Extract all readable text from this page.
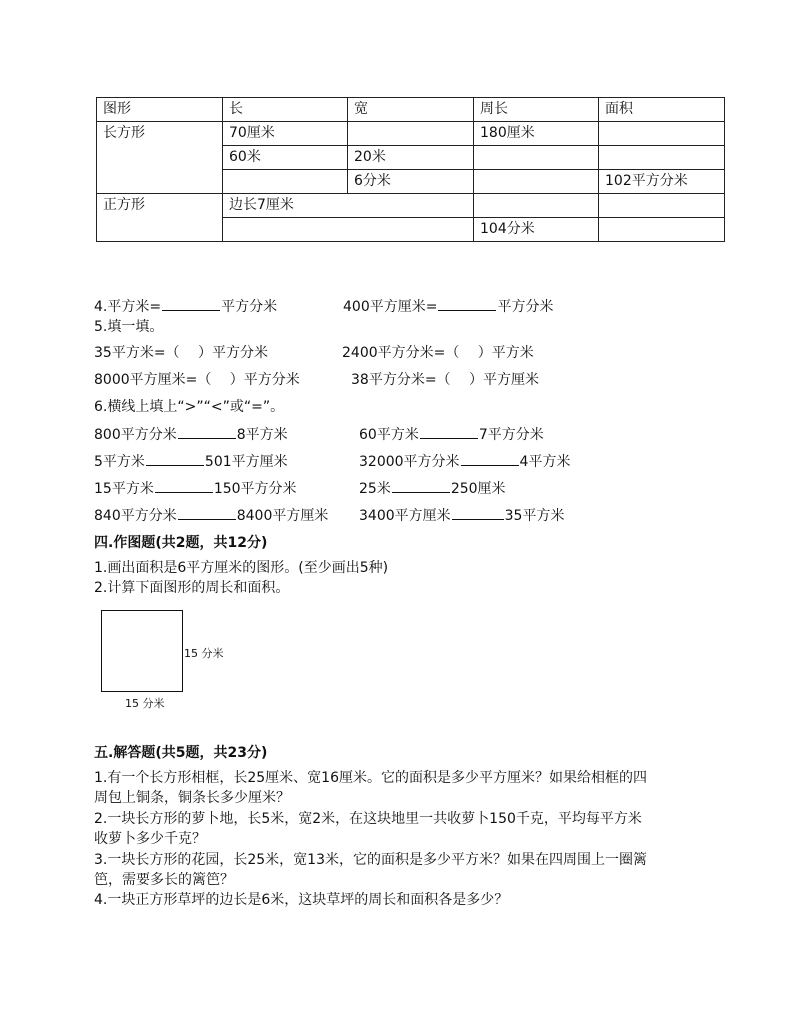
图形	长	宽	周长	面积
长方形	70厘米		180厘米	
	60米	20米		
		6分米		102平方分米
正方形	边长7厘米			
			104分米	
4.平方米=	平方分米	400平方厘米=	平方分米
5.填一填。
35平方米=（　 ）平方分米	2400平方分米=（　 ）平方米
8000平方厘米=（　 ）平方分米	38平方分米=（　 ）平方厘米
6.横线上填上“>”“<”或“=”。
800平方分米	8平方米	60平方米	7平方分米
5平方米	501平方厘米	32000平方分米	4平方米
15平方米	150平方分米	25米	250厘米
840平方分米	8400平方厘米 3400平方厘米	35平方米
四.作图题(共2题，共12分)
1.画出面积是6平方厘米的图形。(至少画出5种)
2.计算下面图形的周长和面积。
15 分米
15 分米
五.解答题(共5题，共23分)
1.有一个长方形相框，长25厘米、宽16厘米。它的面积是多少平方厘米？如果给相框的四
周包上铜条，铜条长多少厘米？
2.一块长方形的萝卜地，长5米，宽2米，在这块地里一共收萝卜150千克，平均每平方米
收萝卜多少千克？
3.一块长方形的花园，长25米，宽13米，它的面积是多少平方米？如果在四周围上一圈篱
笆，需要多长的篱笆？
4.一块正方形草坪的边长是6米，这块草坪的周长和面积各是多少？
